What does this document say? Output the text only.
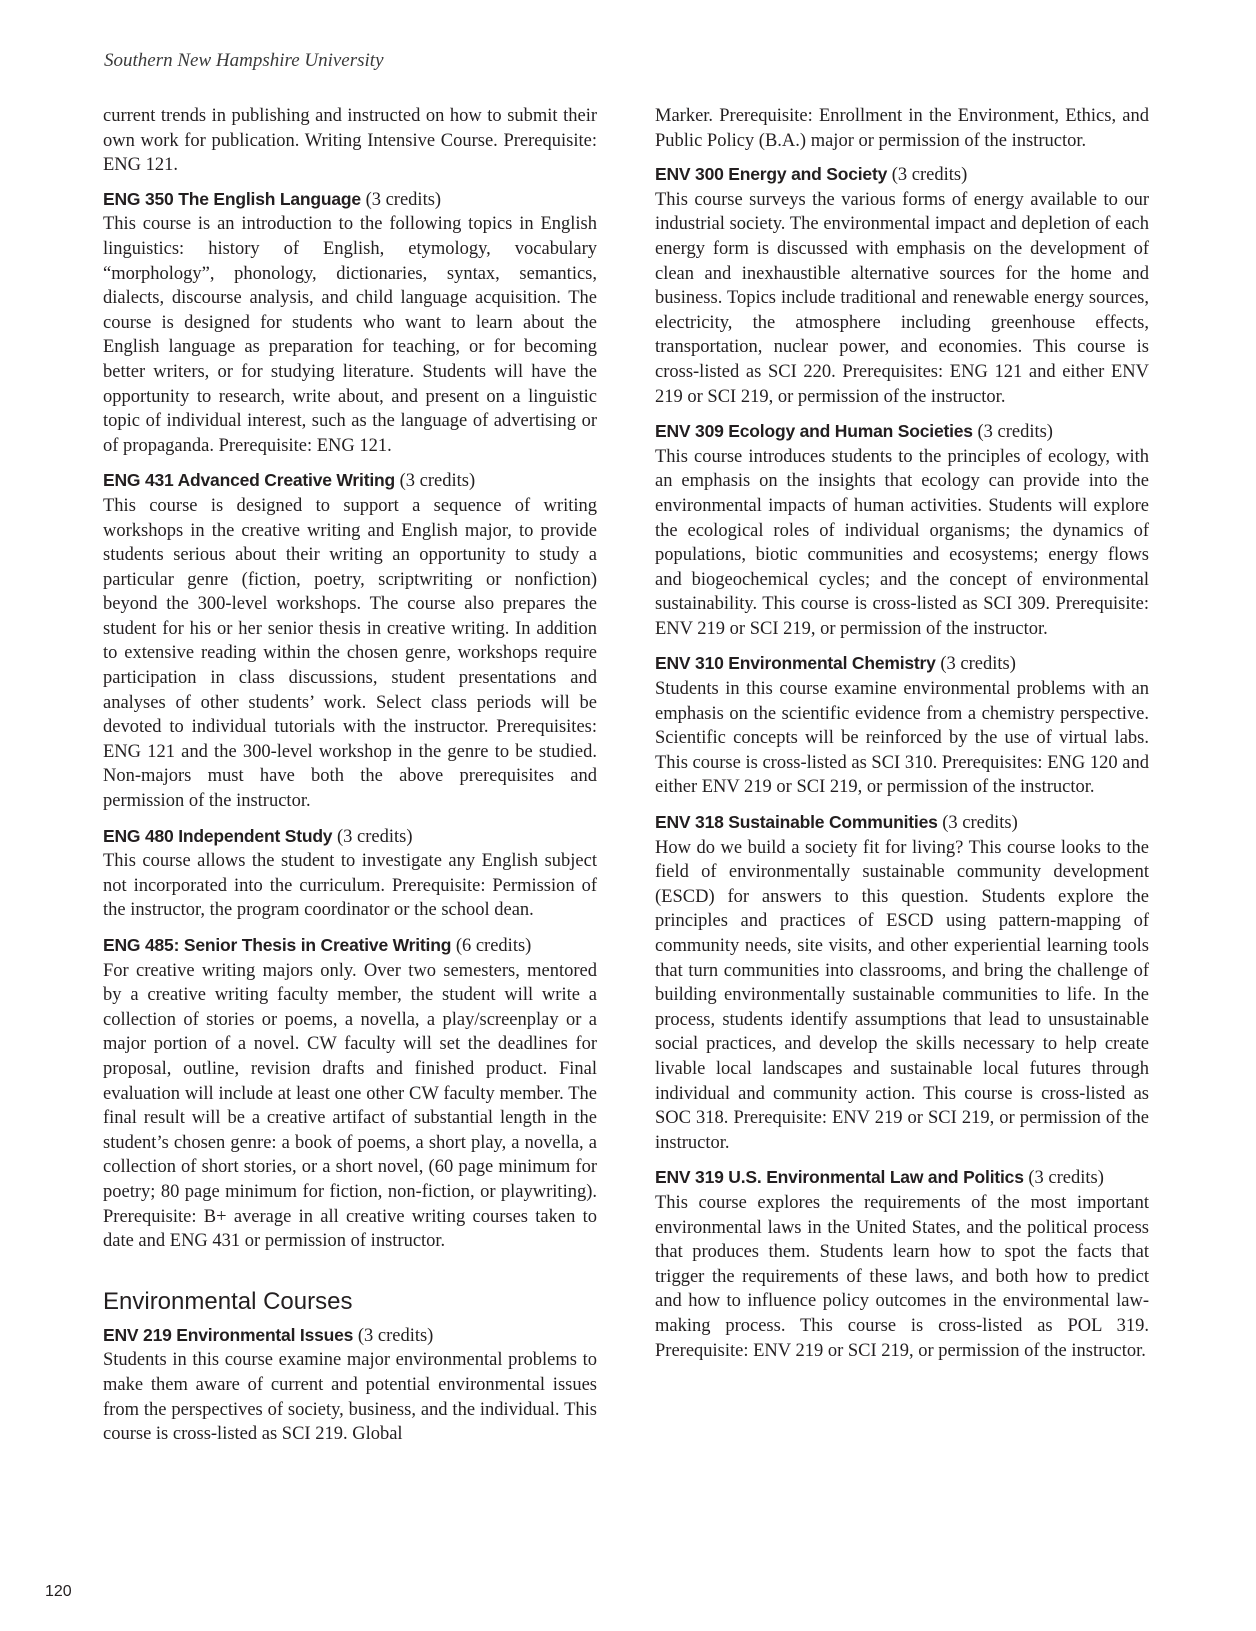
Southern New Hampshire University

current trends in publishing and instructed on how to submit their own work for publication. Writing Intensive Course. Prerequisite: ENG 121.

ENG 350 The English Language (3 credits)

This course is an introduction to the following topics in English linguistics: history of English, etymology, vocabulary “morphology”, phonology, dictionaries, syntax, semantics, dialects, discourse analysis, and child language acquisition. The course is designed for students who want to learn about the English language as preparation for teaching, or for becoming better writers, or for studying literature. Students will have the opportunity to research, write about, and present on a linguistic topic of individual interest, such as the language of advertising or of propaganda. Prerequisite: ENG 121.

ENG 431 Advanced Creative Writing (3 credits)

This course is designed to support a sequence of writing workshops in the creative writing and English major, to provide students serious about their writing an opportunity to study a particular genre (fiction, poetry, scriptwriting or nonfiction) beyond the 300-level workshops. The course also prepares the student for his or her senior thesis in creative writing. In addition to extensive reading within the chosen genre, workshops require participation in class discussions, student presentations and analyses of other students’ work. Select class periods will be devoted to individual tutorials with the instructor. Prerequisites: ENG 121 and the 300-level workshop in the genre to be studied. Non-majors must have both the above prerequisites and permission of the instructor.

ENG 480 Independent Study (3 credits)

This course allows the student to investigate any English subject not incorporated into the curriculum. Prerequisite: Permission of the instructor, the program coordinator or the school dean.

ENG 485: Senior Thesis in Creative Writing (6 credits)

For creative writing majors only. Over two semesters, mentored by a creative writing faculty member, the student will write a collection of stories or poems, a novella, a play/screenplay or a major portion of a novel. CW faculty will set the deadlines for proposal, outline, revision drafts and finished product. Final evaluation will include at least one other CW faculty member. The final result will be a creative artifact of substantial length in the student’s chosen genre: a book of poems, a short play, a novella, a collection of short stories, or a short novel, (60 page minimum for poetry; 80 page minimum for fiction, non-fiction, or playwriting). Prerequisite: B+ average in all creative writing courses taken to date and ENG 431 or permission of instructor.

Environmental Courses

ENV 219 Environmental Issues (3 credits)

Students in this course examine major environmental problems to make them aware of current and potential environmental issues from the perspectives of society, business, and the individual. This course is cross-listed as SCI 219. Global

Marker. Prerequisite: Enrollment in the Environment, Ethics, and Public Policy (B.A.) major or permission of the instructor.

ENV 300 Energy and Society (3 credits)

This course surveys the various forms of energy available to our industrial society. The environmental impact and depletion of each energy form is discussed with emphasis on the development of clean and inexhaustible alternative sources for the home and business. Topics include traditional and renewable energy sources, electricity, the atmosphere including greenhouse effects, transportation, nuclear power, and economies. This course is cross-listed as SCI 220. Prerequisites: ENG 121 and either ENV 219 or SCI 219, or permission of the instructor.

ENV 309 Ecology and Human Societies (3 credits)

This course introduces students to the principles of ecology, with an emphasis on the insights that ecology can provide into the environmental impacts of human activities. Students will explore the ecological roles of individual organisms; the dynamics of populations, biotic communities and ecosystems; energy flows and biogeochemical cycles; and the concept of environmental sustainability. This course is cross-listed as SCI 309. Prerequisite: ENV 219 or SCI 219, or permission of the instructor.

ENV 310 Environmental Chemistry (3 credits)

Students in this course examine environmental problems with an emphasis on the scientific evidence from a chemistry perspective. Scientific concepts will be reinforced by the use of virtual labs. This course is cross-listed as SCI 310. Prerequisites: ENG 120 and either ENV 219 or SCI 219, or permission of the instructor.

ENV 318 Sustainable Communities (3 credits)

How do we build a society fit for living? This course looks to the field of environmentally sustainable community development (ESCD) for answers to this question. Students explore the principles and practices of ESCD using pattern-mapping of community needs, site visits, and other experiential learning tools that turn communities into classrooms, and bring the challenge of building environmentally sustainable communities to life. In the process, students identify assumptions that lead to unsustainable social practices, and develop the skills necessary to help create livable local landscapes and sustainable local futures through individual and community action. This course is cross-listed as SOC 318. Prerequisite: ENV 219 or SCI 219, or permission of the instructor.

ENV 319 U.S. Environmental Law and Politics (3 credits)

This course explores the requirements of the most important environmental laws in the United States, and the political process that produces them. Students learn how to spot the facts that trigger the requirements of these laws, and both how to predict and how to influence policy outcomes in the environmental law-making process. This course is cross-listed as POL 319. Prerequisite: ENV 219 or SCI 219, or permission of the instructor.

120
